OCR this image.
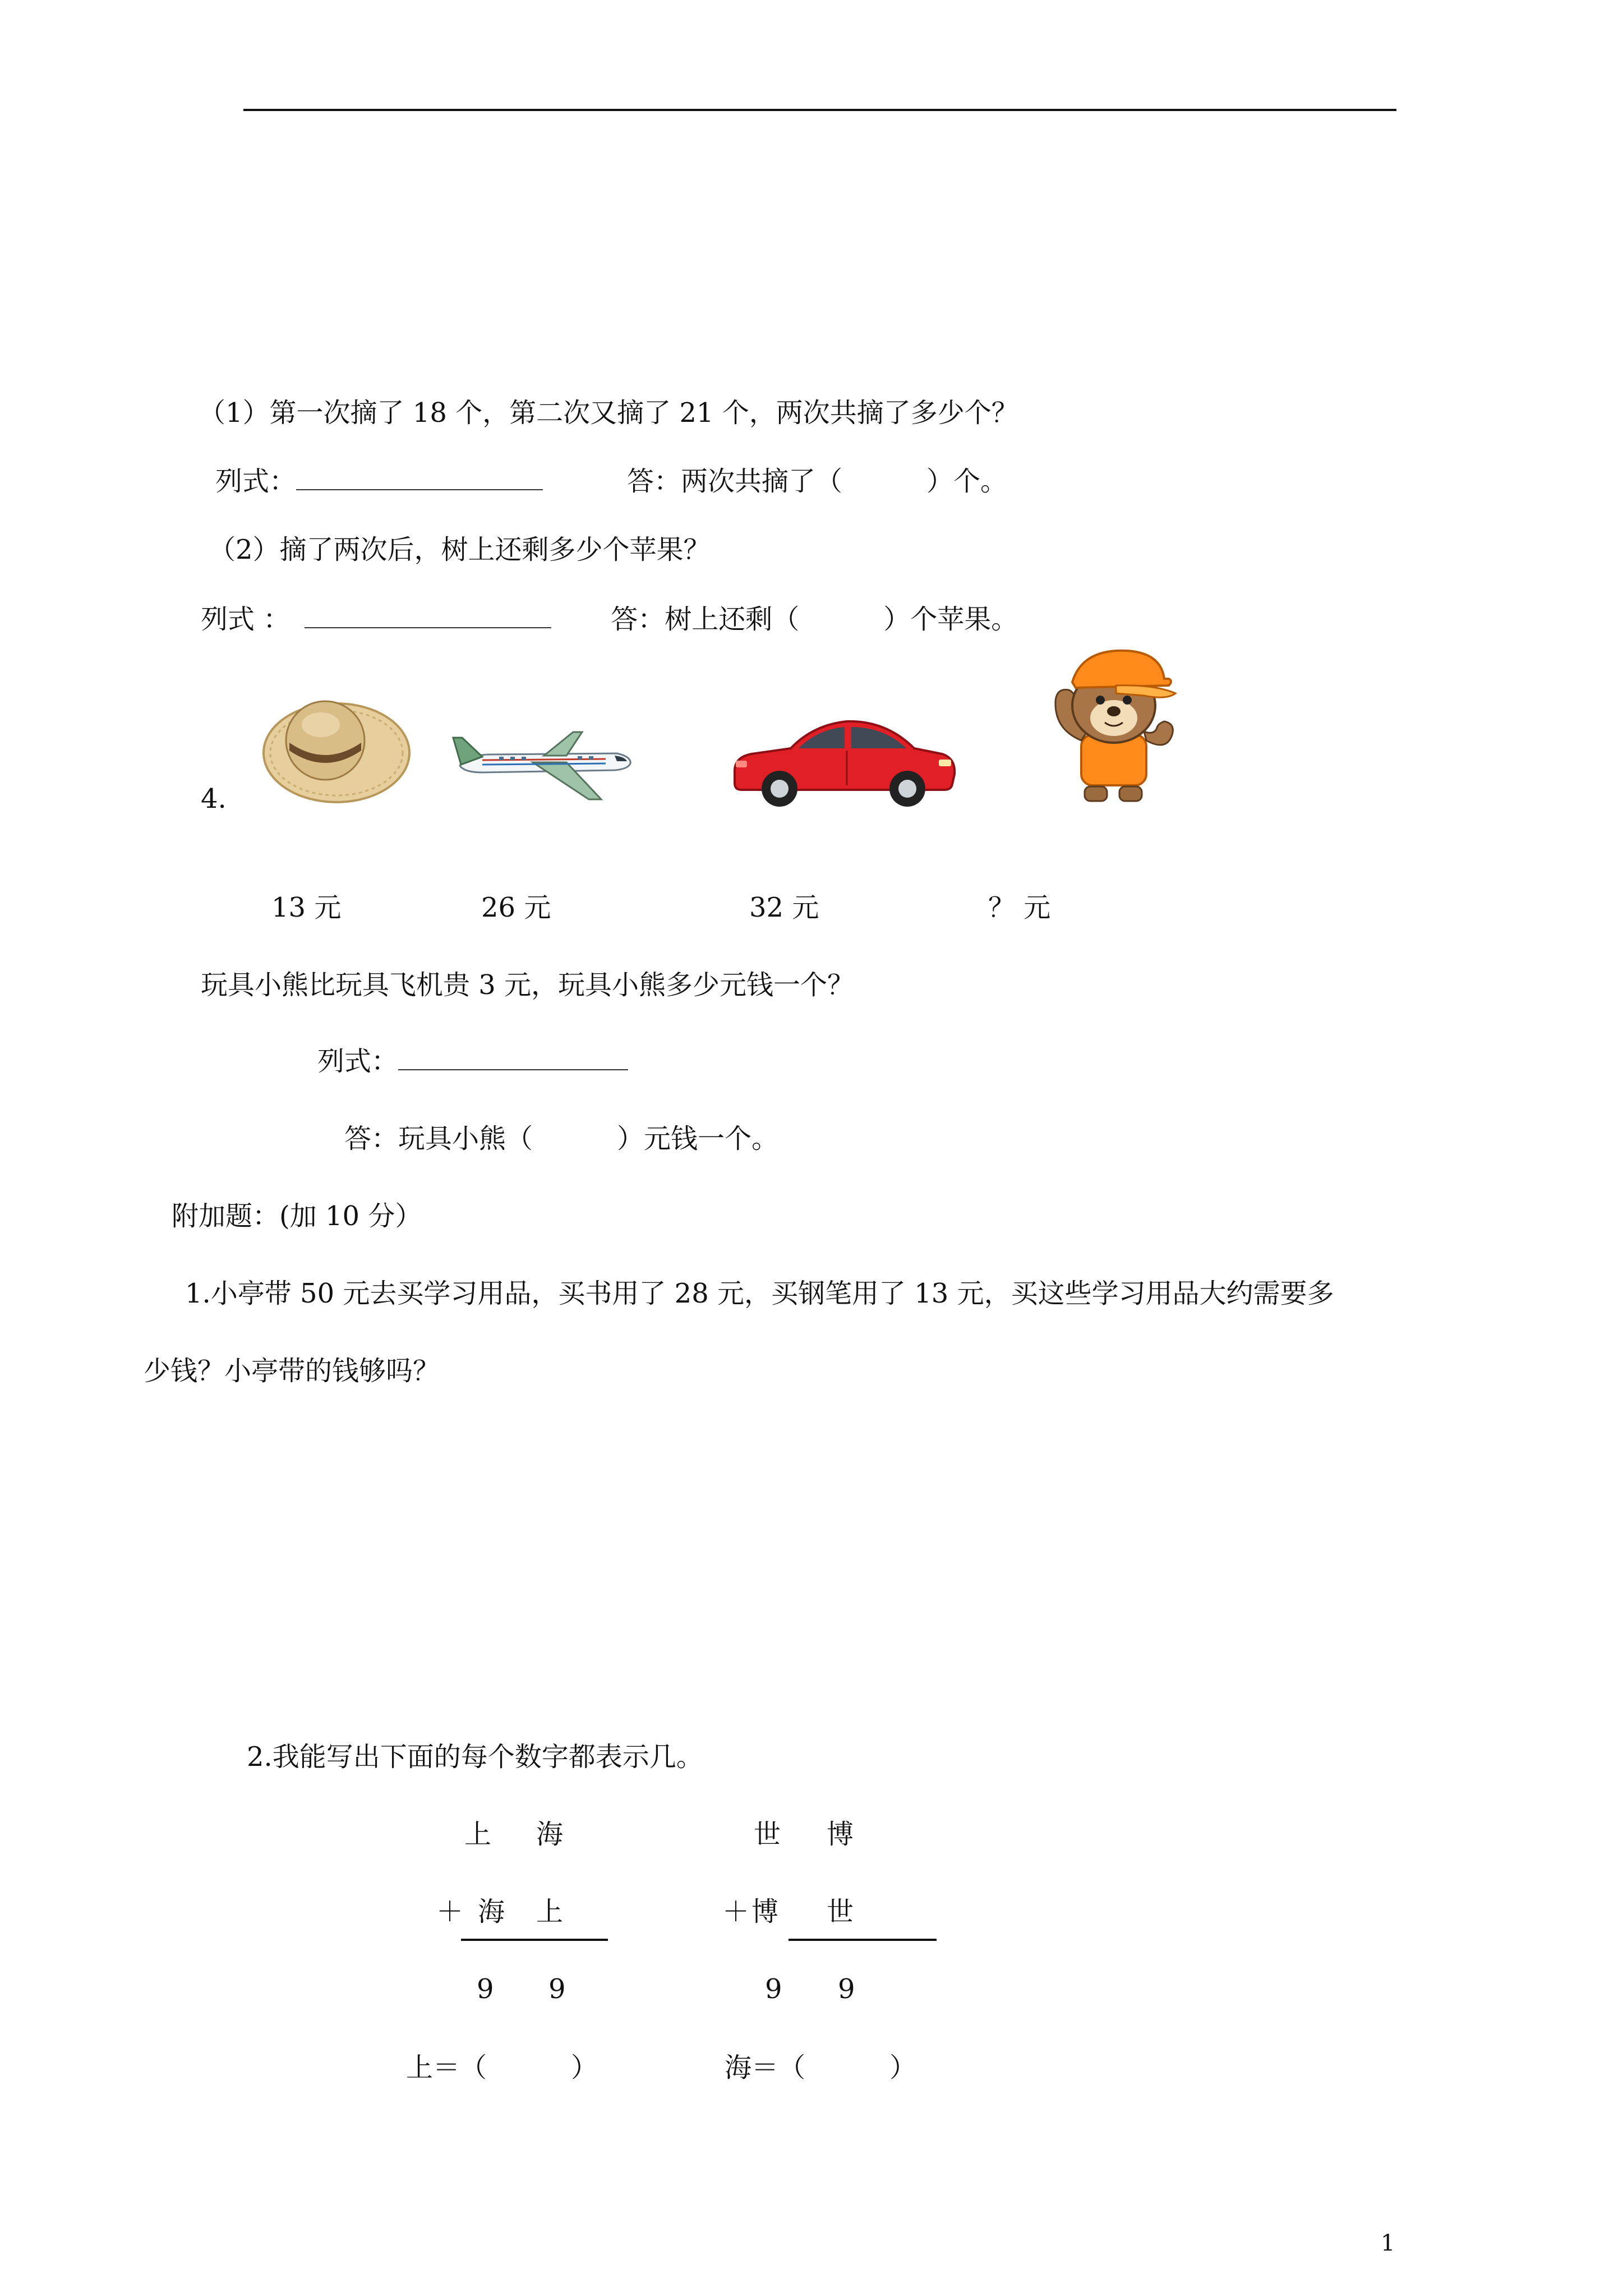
（1）第一次摘了 18 个，第二次又摘了 21 个，两次共摘了多少个？
列式：	答：两次共摘了（	）个。
（2）摘了两次后，树上还剩多少个苹果？
列式 ：	答：树上还剩（	）个苹果。
4.
13 元	26 元	32 元	？ 元
玩具小熊比玩具飞机贵 3 元，玩具小熊多少元钱一个？
列式：
答：玩具小熊（	）元钱一个。
附加题：(加 10 分）
1.小亭带 50 元去买学习用品，买书用了 28 元，买钢笔用了 13 元，买这些学习用品大约需要多
少钱？小亭带的钱够吗？
2.我能写出下面的每个数字都表示几。
上 海
＋ 海 上
9 9
上＝（	）
世 博
＋ 博 世
9 9
海＝（	）
1
